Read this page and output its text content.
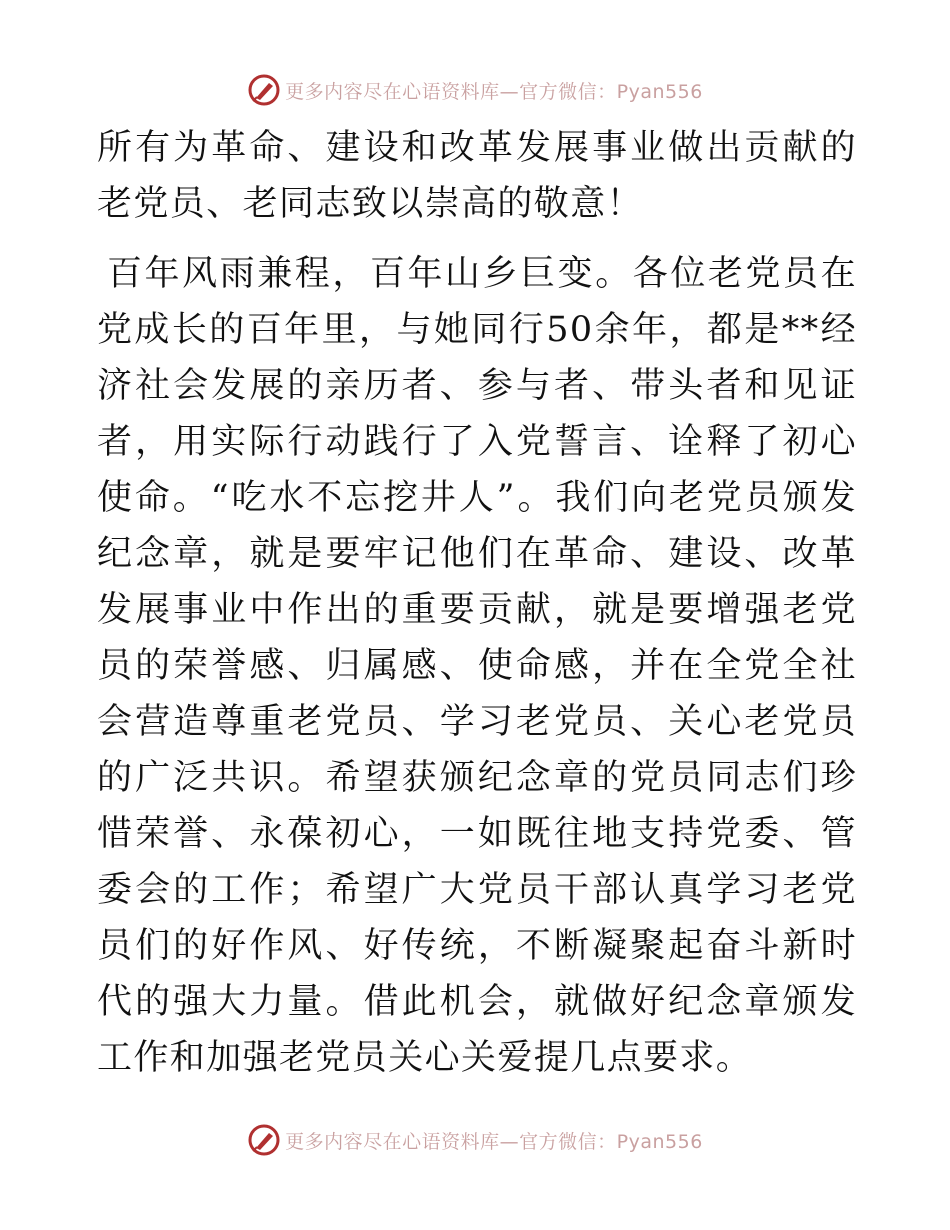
更多内容尽在心语资料库—官方微信：Pyan556

所有为革命、建设和改革发展事业做出贡献的老党员、老同志致以崇高的敬意！

百年风雨兼程，百年山乡巨变。各位老党员在党成长的百年里，与她同行50余年，都是**经济社会发展的亲历者、参与者、带头者和见证者，用实际行动践行了入党誓言、诠释了初心使命。“吃水不忘挖井人”。我们向老党员颁发纪念章，就是要牢记他们在革命、建设、改革发展事业中作出的重要贡献，就是要增强老党员的荣誉感、归属感、使命感，并在全党全社会营造尊重老党员、学习老党员、关心老党员的广泛共识。希望获颁纪念章的党员同志们珍惜荣誉、永葆初心，一如既往地支持党委、管委会的工作；希望广大党员干部认真学习老党员们的好作风、好传统，不断凝聚起奋斗新时代的强大力量。借此机会，就做好纪念章颁发工作和加强老党员关心关爱提几点要求。

更多内容尽在心语资料库—官方微信：Pyan556
